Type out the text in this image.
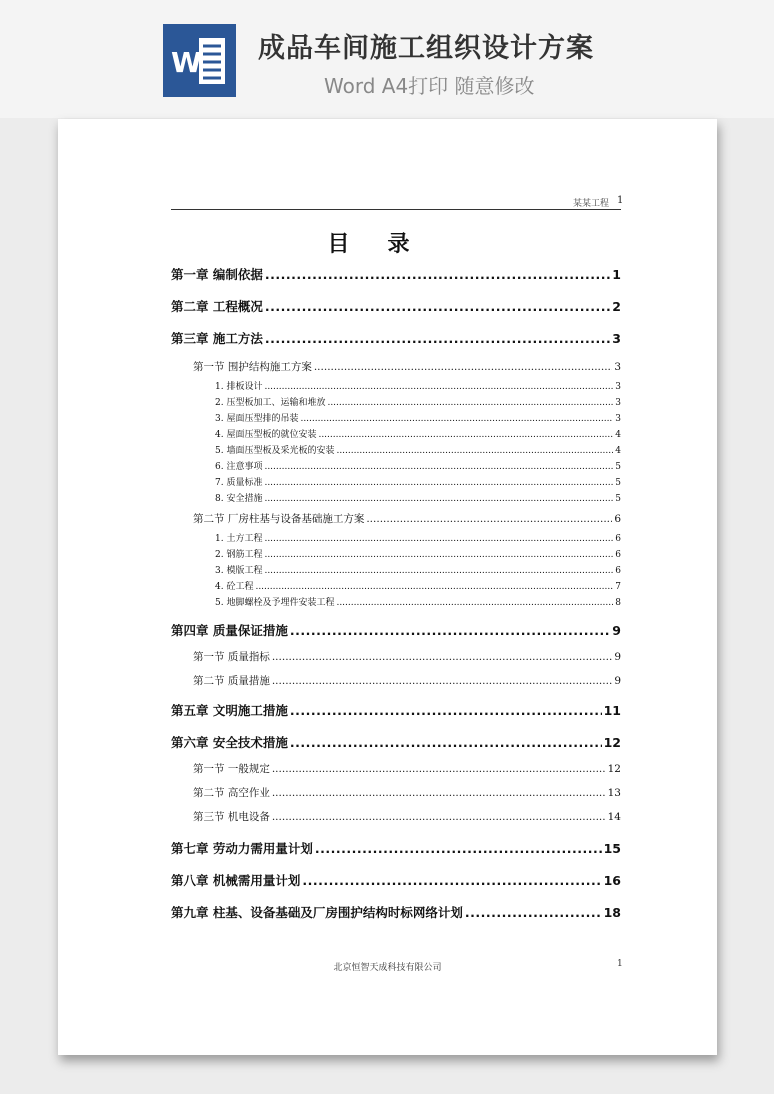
W 成品车间施工组织设计方案
Word A4打印 随意修改
某某工程 1
目录
第一章 编制依据 .....	1
第二章 工程概况 .....	2
第三章 施工方法 .....	3
第一节 围护结构施工方案 .....	3
1. 排板设计 .....	3
2. 压型板加工、运输和堆放 .....	3
3. 屋面压型排的吊装 .....	3
4. 屋面压型板的就位安装 .....	4
5. 墙面压型板及采光板的安装 .....	4
6. 注意事项 .....	5
7. 质量标准 .....	5
8. 安全措施 .....	5
第二节 厂房柱基与设备基础施工方案 .....	6
1. 土方工程 .....	6
2. 钢筋工程 .....	6
3. 模版工程 .....	6
4. 砼工程 .....	7
5. 地脚螺栓及予埋件安装工程 .....	8
第四章 质量保证措施 .....	9
第一节 质量指标 .....	9
第二节 质量措施 .....	9
第五章 文明施工措施 .....	11
第六章 安全技术措施 .....	12
第一节 一般规定 .....	12
第二节 高空作业 .....	13
第三节 机电设备 .....	14
第七章 劳动力需用量计划 .....	15
第八章 机械需用量计划 .....	16
第九章 柱基、设备基础及厂房围护结构时标网络计划 .....	18
北京恒智天成科技有限公司	1
